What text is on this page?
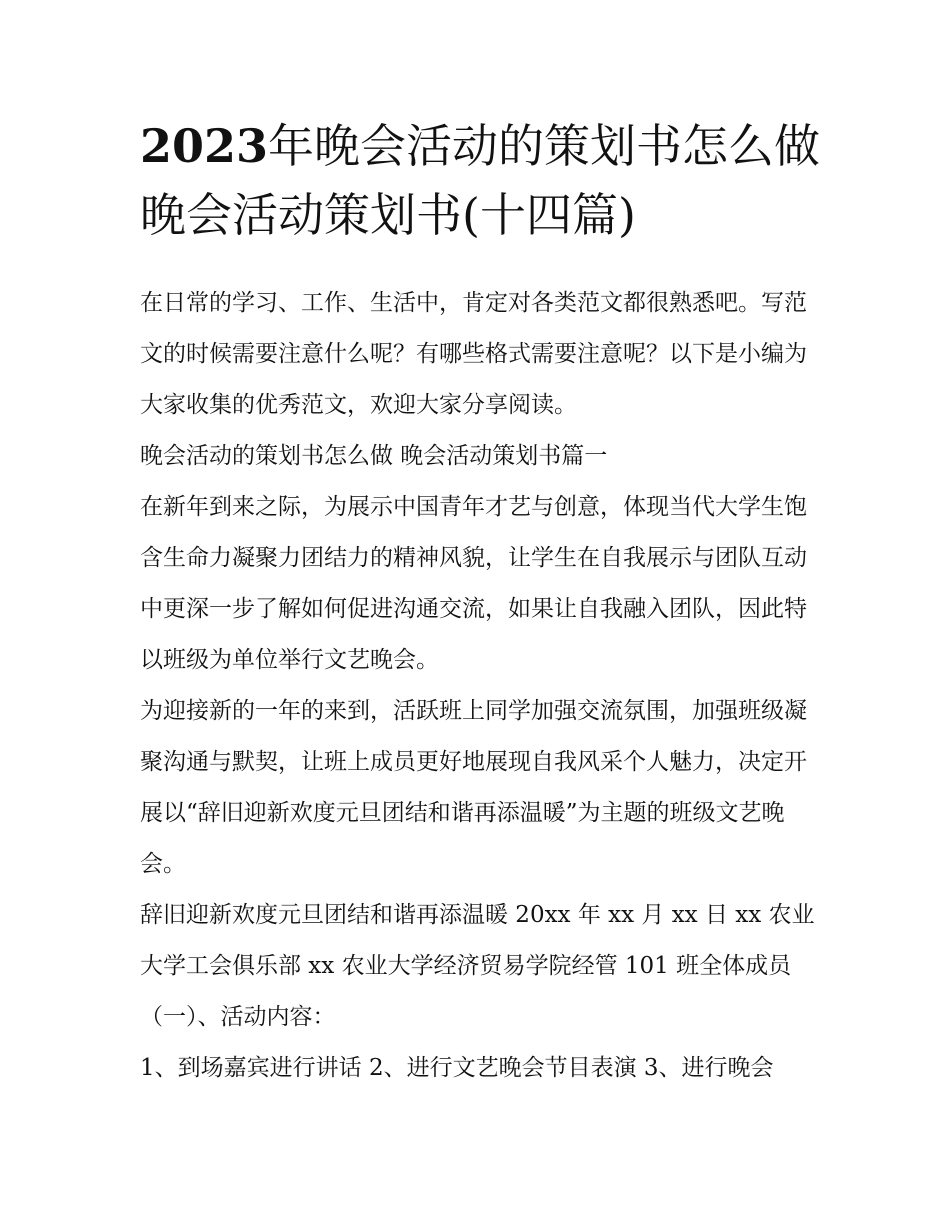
2023年晚会活动的策划书怎么做 晚会活动策划书(十四篇)

在日常的学习、工作、生活中，肯定对各类范文都很熟悉吧。写范文的时候需要注意什么呢？有哪些格式需要注意呢？以下是小编为大家收集的优秀范文，欢迎大家分享阅读。

晚会活动的策划书怎么做 晚会活动策划书篇一

在新年到来之际，为展示中国青年才艺与创意，体现当代大学生饱含生命力凝聚力团结力的精神风貌，让学生在自我展示与团队互动中更深一步了解如何促进沟通交流，如果让自我融入团队，因此特以班级为单位举行文艺晚会。

为迎接新的一年的来到，活跃班上同学加强交流氛围，加强班级凝聚沟通与默契，让班上成员更好地展现自我风采个人魅力，决定开展以“辞旧迎新欢度元旦团结和谐再添温暖”为主题的班级文艺晚会。

辞旧迎新欢度元旦团结和谐再添温暖 20xx 年 xx 月 xx 日 xx 农业大学工会俱乐部 xx 农业大学经济贸易学院经管 101 班全体成员 （一）、活动内容：

1、到场嘉宾进行讲话 2、进行文艺晚会节目表演 3、进行晚会
